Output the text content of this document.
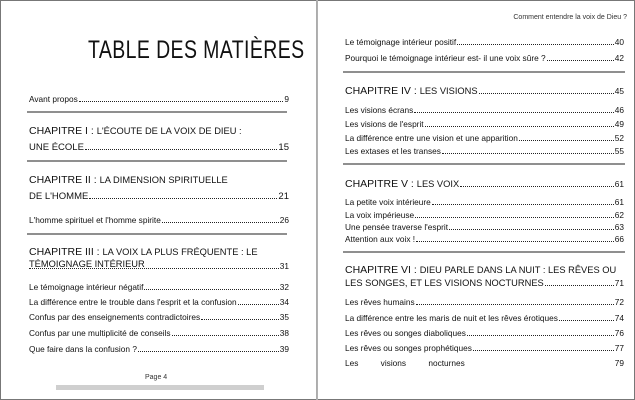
TABLE DES MATIÈRES
Avant propos	9
CHAPITRE I : L'ÉCOUTE DE LA VOIX DE DIEU :
UNE ÉCOLE	15
CHAPITRE II : LA DIMENSION SPIRITUELLE
DE L'HOMME	21
L'homme spirituel et l'homme spirite	26
CHAPITRE III : LA VOIX LA PLUS FRÉQUENTE : LE
TÉMOIGNAGE INTÉRIEUR	31
Le témoignage intérieur négatif	32
La différence entre le trouble dans l'esprit et la confusion	34
Confus par des enseignements contradictoires	35
Confus par une multiplicité de conseils	38
Que faire dans la confusion ?	39
Page 4
Comment entendre la voix de Dieu ?
Le témoignage intérieur positif	40
Pourquoi le témoignage intérieur est- il une voix sûre ?	42
CHAPITRE IV : LES VISIONS	45
Les visions écrans	46
Les visions de l'esprit	49
La différence entre une vision et une apparition	52
Les extases et les transes	55
CHAPITRE V : LES VOIX	61
La petite voix intérieure	61
La voix impérieuse	62
Une pensée traverse l'esprit	63
Attention aux voix !	66
CHAPITRE VI : DIEU PARLE DANS LA NUIT : LES RÊVES OU
LES SONGES, ET LES VISIONS NOCTURNES	71
Les rêves humains	72
La différence entre les maris de nuit et les rêves érotiques	74
Les rêves ou songes diaboliques	76
Les rêves ou songes prophétiques	77
Les visions nocturnes	79
